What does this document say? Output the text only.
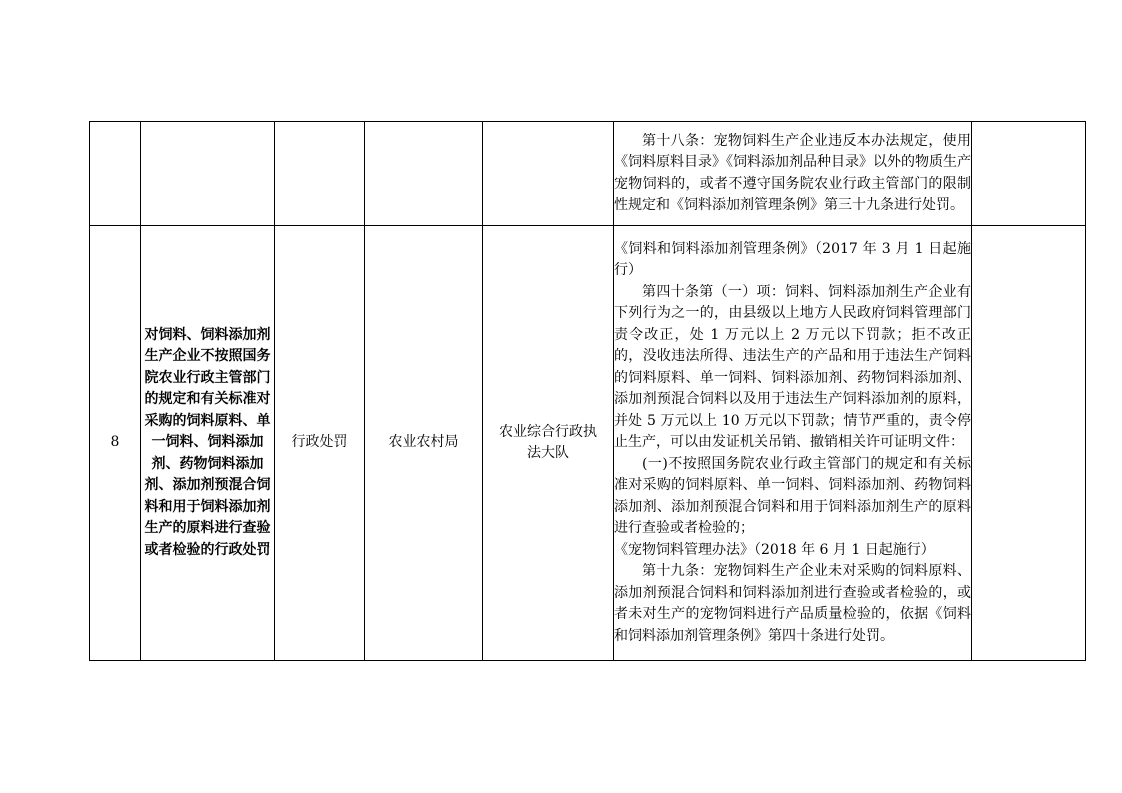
					第十八条：宠物饲料生产企业违反本办法规定，使用《饲料原料目录》《饲料添加剂品种目录》以外的物质生产宠物饲料的，或者不遵守国务院农业行政主管部门的限制性规定和《饲料添加剂管理条例》第三十九条进行处罚。	

8	对饲料、饲料添加剂生产企业不按照国务院农业行政主管部门的规定和有关标准对采购的饲料原料、单一饲料、饲料添加剂、药物饲料添加剂、添加剂预混合饲料和用于饲料添加剂生产的原料进行查验或者检验的行政处罚	行政处罚	农业农村局	农业综合行政执法大队	《饲料和饲料添加剂管理条例》（2017 年 3 月 1 日起施行）

第四十条第（一）项：饲料、饲料添加剂生产企业有下列行为之一的，由县级以上地方人民政府饲料管理部门责令改正，处 1 万元以上 2 万元以下罚款；拒不改正的，没收违法所得、违法生产的产品和用于违法生产饲料的饲料原料、单一饲料、饲料添加剂、药物饲料添加剂、添加剂预混合饲料以及用于违法生产饲料添加剂的原料，并处 5 万元以上 10 万元以下罚款；情节严重的，责令停止生产，可以由发证机关吊销、撤销相关许可证明文件：

(一)不按照国务院农业行政主管部门的规定和有关标准对采购的饲料原料、单一饲料、饲料添加剂、药物饲料添加剂、添加剂预混合饲料和用于饲料添加剂生产的原料进行查验或者检验的；

《宠物饲料管理办法》（2018 年 6 月 1 日起施行）

第十九条：宠物饲料生产企业未对采购的饲料原料、添加剂预混合饲料和饲料添加剂进行查验或者检验的，或者未对生产的宠物饲料进行产品质量检验的，依据《饲料和饲料添加剂管理条例》第四十条进行处罚。	
